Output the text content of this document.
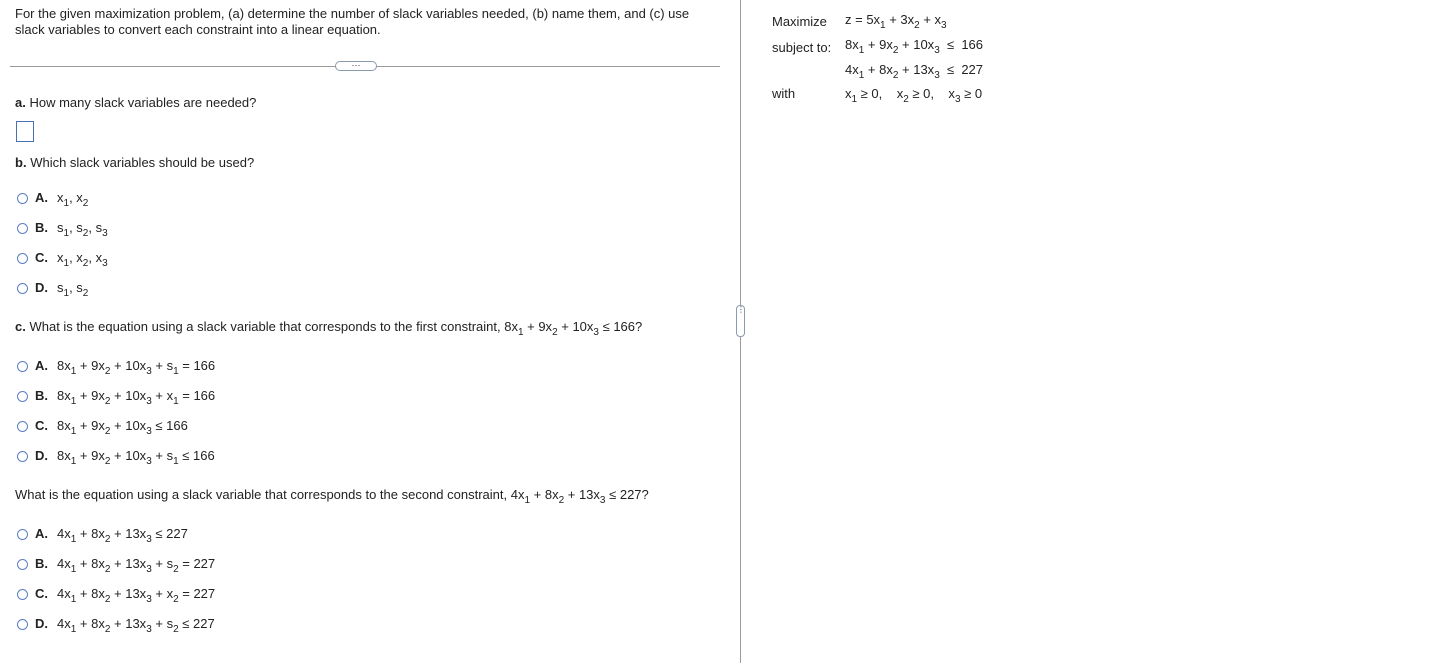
For the given maximization problem, (a) determine the number of slack variables needed, (b) name them, and (c) use slack variables to convert each constraint into a linear equation.
···
a. How many slack variables are needed?
b. Which slack variables should be used?
A. $x_1$, $x_2$
B. $s_1$, $s_2$, $s_3$
C. $x_1$, $x_2$, $x_3$
D. $s_1$, $s_2$
c. What is the equation using a slack variable that corresponds to the first constraint, $8x_1 + 9x_2 + 10x_3 \le 166$?
A. $8x_1 + 9x_2 + 10x_3 + s_1 = 166$
B. $8x_1 + 9x_2 + 10x_3 + x_1 = 166$
C. $8x_1 + 9x_2 + 10x_3 \le 166$
D. $8x_1 + 9x_2 + 10x_3 + s_1 \le 166$
What is the equation using a slack variable that corresponds to the second constraint, $4x_1 + 8x_2 + 13x_3 \le 227$?
A. $4x_1 + 8x_2 + 13x_3 \le 227$
B. $4x_1 + 8x_2 + 13x_3 + s_2 = 227$
C. $4x_1 + 8x_2 + 13x_3 + x_2 = 227$
D. $4x_1 + 8x_2 + 13x_3 + s_2 \le 227$
⋮
Maximize $z = 5x_1 + 3x_2 + x_3$
subject to: $8x_1 + 9x_2 + 10x_3 \le 166$
$4x_1 + 8x_2 + 13x_3 \le 227$
with	$x_1 \ge 0$,    $x_2 \ge 0$,    $x_3 \ge 0$
